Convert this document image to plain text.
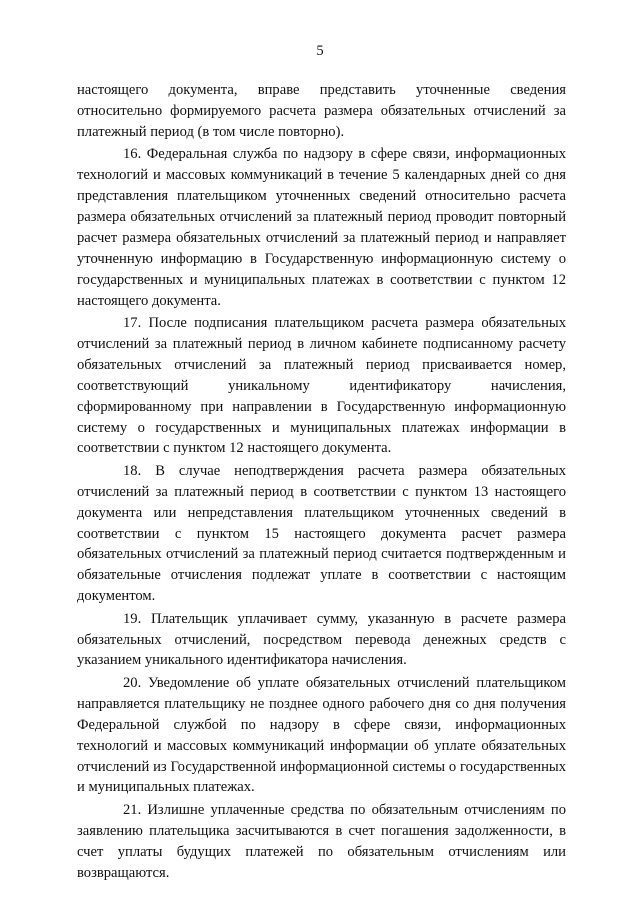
5

настоящего документа, вправе представить уточненные сведения относительно формируемого расчета размера обязательных отчислений за платежный период (в том числе повторно).

16. Федеральная служба по надзору в сфере связи, информационных технологий и массовых коммуникаций в течение 5 календарных дней со дня представления плательщиком уточненных сведений относительно расчета размера обязательных отчислений за платежный период проводит повторный расчет размера обязательных отчислений за платежный период и направляет уточненную информацию в Государственную информационную систему о государственных и муниципальных платежах в соответствии с пунктом 12 настоящего документа.

17. После подписания плательщиком расчета размера обязательных отчислений за платежный период в личном кабинете подписанному расчету обязательных отчислений за платежный период присваивается номер, соответствующий уникальному идентификатору начисления, сформированному при направлении в Государственную информационную систему о государственных и муниципальных платежах информации в соответствии с пунктом 12 настоящего документа.

18. В случае неподтверждения расчета размера обязательных отчислений за платежный период в соответствии с пунктом 13 настоящего документа или непредставления плательщиком уточненных сведений в соответствии с пунктом 15 настоящего документа расчет размера обязательных отчислений за платежный период считается подтвержденным и обязательные отчисления подлежат уплате в соответствии с настоящим документом.

19. Плательщик уплачивает сумму, указанную в расчете размера обязательных отчислений, посредством перевода денежных средств с указанием уникального идентификатора начисления.

20. Уведомление об уплате обязательных отчислений плательщиком направляется плательщику не позднее одного рабочего дня со дня получения Федеральной службой по надзору в сфере связи, информационных технологий и массовых коммуникаций информации об уплате обязательных отчислений из Государственной информационной системы о государственных и муниципальных платежах.

21. Излишне уплаченные средства по обязательным отчислениям по заявлению плательщика засчитываются в счет погашения задолженности, в счет уплаты будущих платежей по обязательным отчислениям или возвращаются.
